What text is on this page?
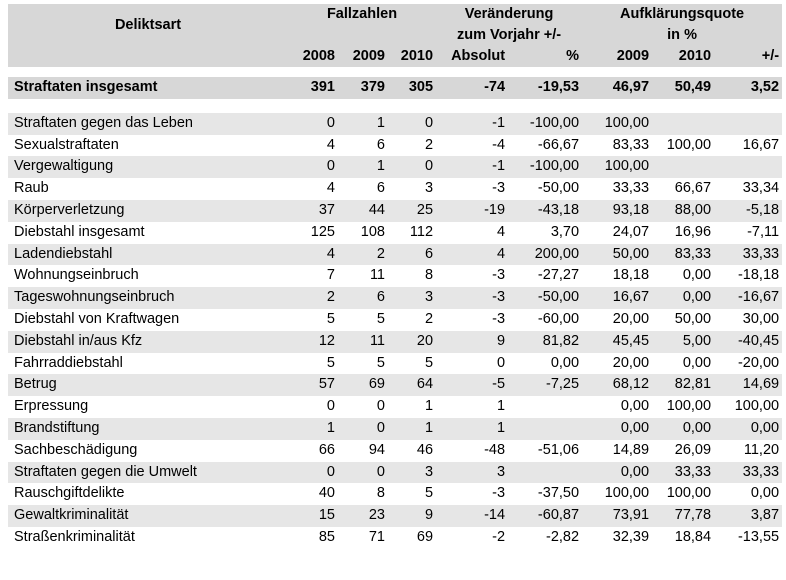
Deliktsart	Fallzahlen			Veränderung		Aufklärungsquote		
				zum Vorjahr +/-		in %		
	2008	2009	2010	Absolut	%	2009	2010	+/-

Straftaten insgesamt	391	379	305	-74	-19,53	46,97	50,49	3,52

Straftaten gegen das Leben	0	1	0	-1	-100,00	100,00		
Sexualstraftaten	4	6	2	-4	-66,67	83,33	100,00	16,67
Vergewaltigung	0	1	0	-1	-100,00	100,00		
Raub	4	6	3	-3	-50,00	33,33	66,67	33,34
Körperverletzung	37	44	25	-19	-43,18	93,18	88,00	-5,18
Diebstahl insgesamt	125	108	112	4	3,70	24,07	16,96	-7,11
Ladendiebstahl	4	2	6	4	200,00	50,00	83,33	33,33
Wohnungseinbruch	7	11	8	-3	-27,27	18,18	0,00	-18,18
Tageswohnungseinbruch	2	6	3	-3	-50,00	16,67	0,00	-16,67
Diebstahl von Kraftwagen	5	5	2	-3	-60,00	20,00	50,00	30,00
Diebstahl in/aus Kfz	12	11	20	9	81,82	45,45	5,00	-40,45
Fahrraddiebstahl	5	5	5	0	0,00	20,00	0,00	-20,00
Betrug	57	69	64	-5	-7,25	68,12	82,81	14,69
Erpressung	0	0	1	1		0,00	100,00	100,00
Brandstiftung	1	0	1	1		0,00	0,00	0,00
Sachbeschädigung	66	94	46	-48	-51,06	14,89	26,09	11,20
Straftaten gegen die Umwelt	0	0	3	3		0,00	33,33	33,33
Rauschgiftdelikte	40	8	5	-3	-37,50	100,00	100,00	0,00
Gewaltkriminalität	15	23	9	-14	-60,87	73,91	77,78	3,87
Straßenkriminalität	85	71	69	-2	-2,82	32,39	18,84	-13,55
